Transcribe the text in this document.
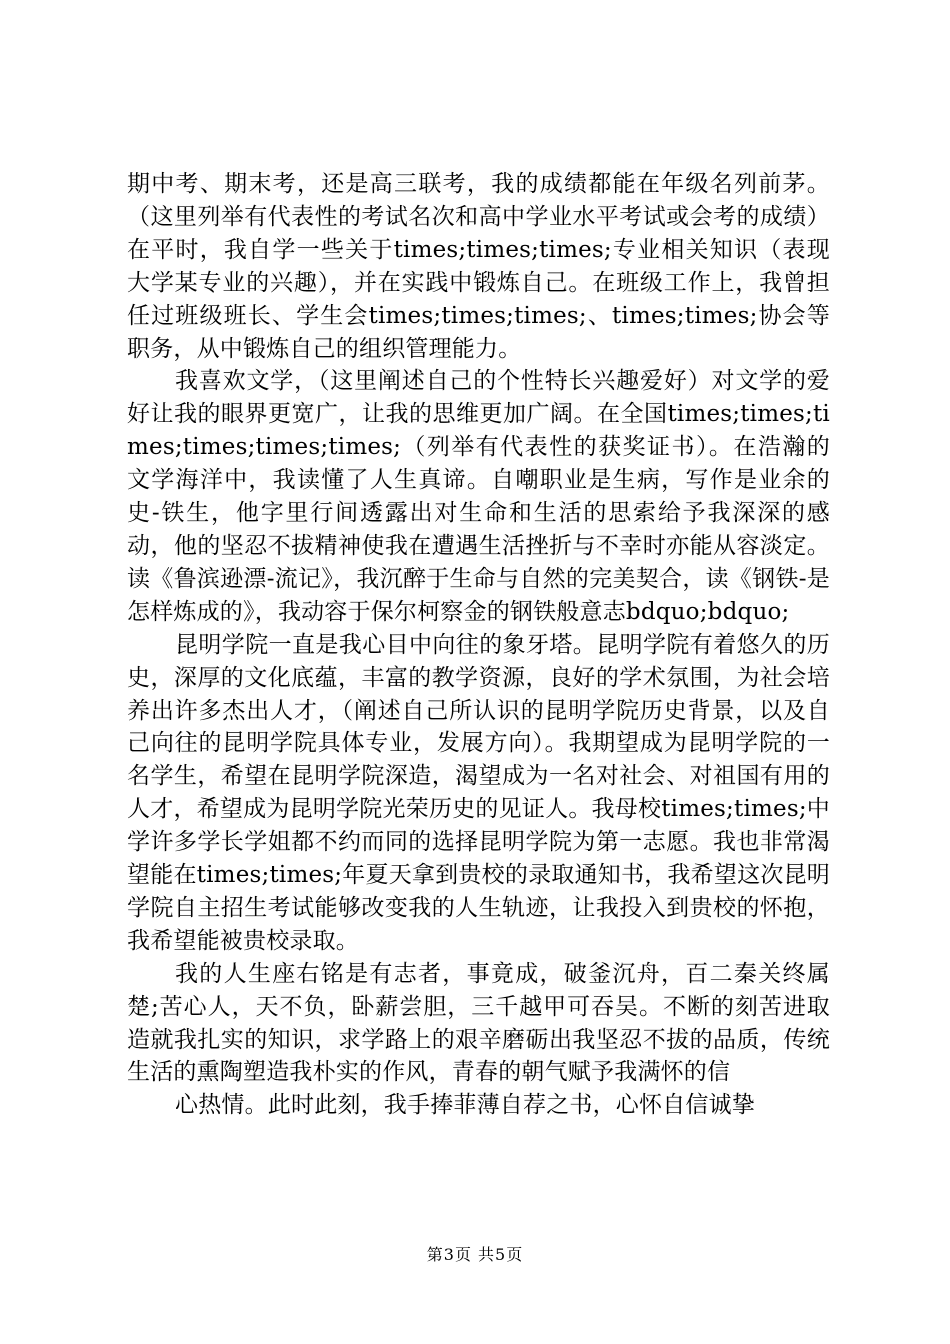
期中考、期末考，还是高三联考，我的成绩都能在年级名列前茅。（这里列举有代表性的考试名次和高中学业水平考试或会考的成绩）在平时，我自学一些关于times;times;times;专业相关知识（表现大学某专业的兴趣），并在实践中锻炼自己。在班级工作上，我曾担任过班级班长、学生会times;times;times;、times;times;协会等职务，从中锻炼自己的组织管理能力。

我喜欢文学，（这里阐述自己的个性特长兴趣爱好）对文学的爱好让我的眼界更宽广，让我的思维更加广阔。在全国times;times;times;times;times;times;（列举有代表性的获奖证书）。在浩瀚的文学海洋中，我读懂了人生真谛。自嘲职业是生病，写作是业余的史-铁生，他字里行间透露出对生命和生活的思索给予我深深的感动，他的坚忍不拔精神使我在遭遇生活挫折与不幸时亦能从容淡定。读《鲁滨逊漂-流记》，我沉醉于生命与自然的完美契合，读《钢铁-是怎样炼成的》，我动容于保尔柯察金的钢铁般意志bdquo;bdquo;

昆明学院一直是我心目中向往的象牙塔。昆明学院有着悠久的历史，深厚的文化底蕴，丰富的教学资源，良好的学术氛围，为社会培养出许多杰出人才，（阐述自己所认识的昆明学院历史背景，以及自己向往的昆明学院具体专业，发展方向）。我期望成为昆明学院的一名学生，希望在昆明学院深造，渴望成为一名对社会、对祖国有用的人才，希望成为昆明学院光荣历史的见证人。我母校times;times;中学许多学长学姐都不约而同的选择昆明学院为第一志愿。我也非常渴望能在times;times;年夏天拿到贵校的录取通知书，我希望这次昆明学院自主招生考试能够改变我的人生轨迹，让我投入到贵校的怀抱，我希望能被贵校录取。

我的人生座右铭是有志者，事竟成，破釜沉舟，百二秦关终属楚;苦心人，天不负，卧薪尝胆，三千越甲可吞吴。不断的刻苦进取造就我扎实的知识，求学路上的艰辛磨砺出我坚忍不拔的品质，传统生活的熏陶塑造我朴实的作风，青春的朝气赋予我满怀的信

心热情。此时此刻，我手捧菲薄自荐之书，心怀自信诚挚

第3页 共5页
